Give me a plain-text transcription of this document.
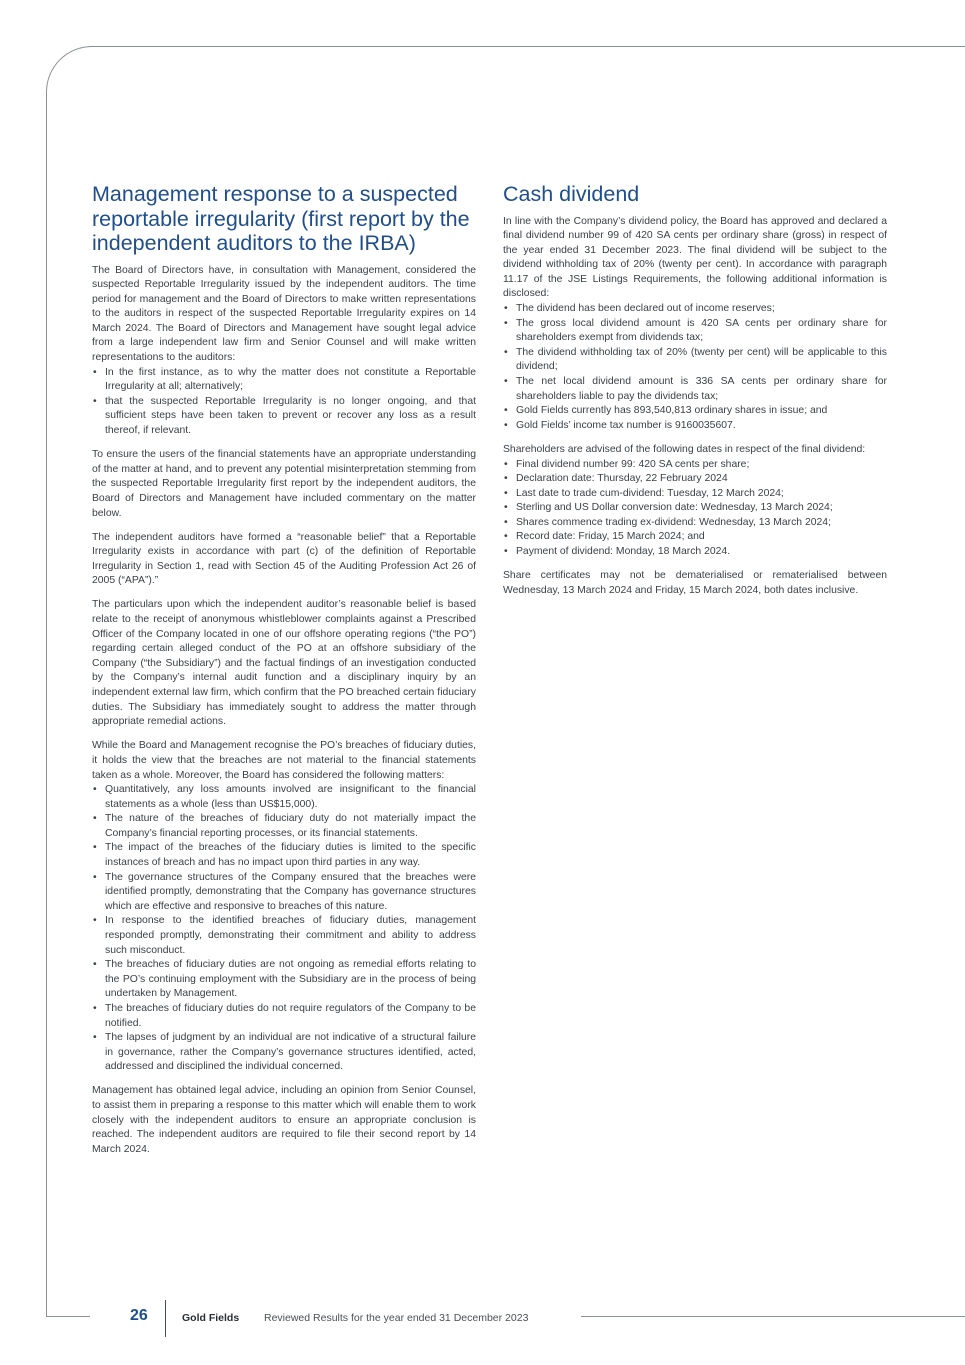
Management response to a suspected reportable irregularity (first report by the independent auditors to the IRBA)

The Board of Directors have, in consultation with Management, considered the suspected Reportable Irregularity issued by the independent auditors. The time period for management and the Board of Directors to make written representations to the auditors in respect of the suspected Reportable Irregularity expires on 14 March 2024. The Board of Directors and Management have sought legal advice from a large independent law firm and Senior Counsel and will make written representations to the auditors:

• In the first instance, as to why the matter does not constitute a Reportable Irregularity at all; alternatively;
• that the suspected Reportable Irregularity is no longer ongoing, and that sufficient steps have been taken to prevent or recover any loss as a result thereof, if relevant.

To ensure the users of the financial statements have an appropriate understanding of the matter at hand, and to prevent any potential misinterpretation stemming from the suspected Reportable Irregularity first report by the independent auditors, the Board of Directors and Management have included commentary on the matter below.

The independent auditors have formed a “reasonable belief” that a Reportable Irregularity exists in accordance with part (c) of the definition of Reportable Irregularity in Section 1, read with Section 45 of the Auditing Profession Act 26 of 2005 (“APA”).”

The particulars upon which the independent auditor’s reasonable belief is based relate to the receipt of anonymous whistleblower complaints against a Prescribed Officer of the Company located in one of our offshore operating regions (“the PO”) regarding certain alleged conduct of the PO at an offshore subsidiary of the Company (“the Subsidiary”) and the factual findings of an investigation conducted by the Company’s internal audit function and a disciplinary inquiry by an independent external law firm, which confirm that the PO breached certain fiduciary duties. The Subsidiary has immediately sought to address the matter through appropriate remedial actions.

While the Board and Management recognise the PO’s breaches of fiduciary duties, it holds the view that the breaches are not material to the financial statements taken as a whole. Moreover, the Board has considered the following matters:

• Quantitatively, any loss amounts involved are insignificant to the financial statements as a whole (less than US$15,000).
• The nature of the breaches of fiduciary duty do not materially impact the Company’s financial reporting processes, or its financial statements.
• The impact of the breaches of the fiduciary duties is limited to the specific instances of breach and has no impact upon third parties in any way.
• The governance structures of the Company ensured that the breaches were identified promptly, demonstrating that the Company has governance structures which are effective and responsive to breaches of this nature.
• In response to the identified breaches of fiduciary duties, management responded promptly, demonstrating their commitment and ability to address such misconduct.
• The breaches of fiduciary duties are not ongoing as remedial efforts relating to the PO’s continuing employment with the Subsidiary are in the process of being undertaken by Management.
• The breaches of fiduciary duties do not require regulators of the Company to be notified.
• The lapses of judgment by an individual are not indicative of a structural failure in governance, rather the Company’s governance structures identified, acted, addressed and disciplined the individual concerned.

Management has obtained legal advice, including an opinion from Senior Counsel, to assist them in preparing a response to this matter which will enable them to work closely with the independent auditors to ensure an appropriate conclusion is reached. The independent auditors are required to file their second report by 14 March 2024.

Cash dividend

In line with the Company’s dividend policy, the Board has approved and declared a final dividend number 99 of 420 SA cents per ordinary share (gross) in respect of the year ended 31 December 2023. The final dividend will be subject to the dividend withholding tax of 20% (twenty per cent). In accordance with paragraph 11.17 of the JSE Listings Requirements, the following additional information is disclosed:

• The dividend has been declared out of income reserves;
• The gross local dividend amount is 420 SA cents per ordinary share for shareholders exempt from dividends tax;
• The dividend withholding tax of 20% (twenty per cent) will be applicable to this dividend;
• The net local dividend amount is 336 SA cents per ordinary share for shareholders liable to pay the dividends tax;
• Gold Fields currently has 893,540,813 ordinary shares in issue; and
• Gold Fields’ income tax number is 9160035607.

Shareholders are advised of the following dates in respect of the final dividend:

• Final dividend number 99: 420 SA cents per share;
• Declaration date: Thursday, 22 February 2024
• Last date to trade cum-dividend: Tuesday, 12 March 2024;
• Sterling and US Dollar conversion date: Wednesday, 13 March 2024;
• Shares commence trading ex-dividend: Wednesday, 13 March 2024;
• Record date: Friday, 15 March 2024; and
• Payment of dividend: Monday, 18 March 2024.

Share certificates may not be dematerialised or rematerialised between Wednesday, 13 March 2024 and Friday, 15 March 2024, both dates inclusive.

26	Gold Fields Reviewed Results for the year ended 31 December 2023
